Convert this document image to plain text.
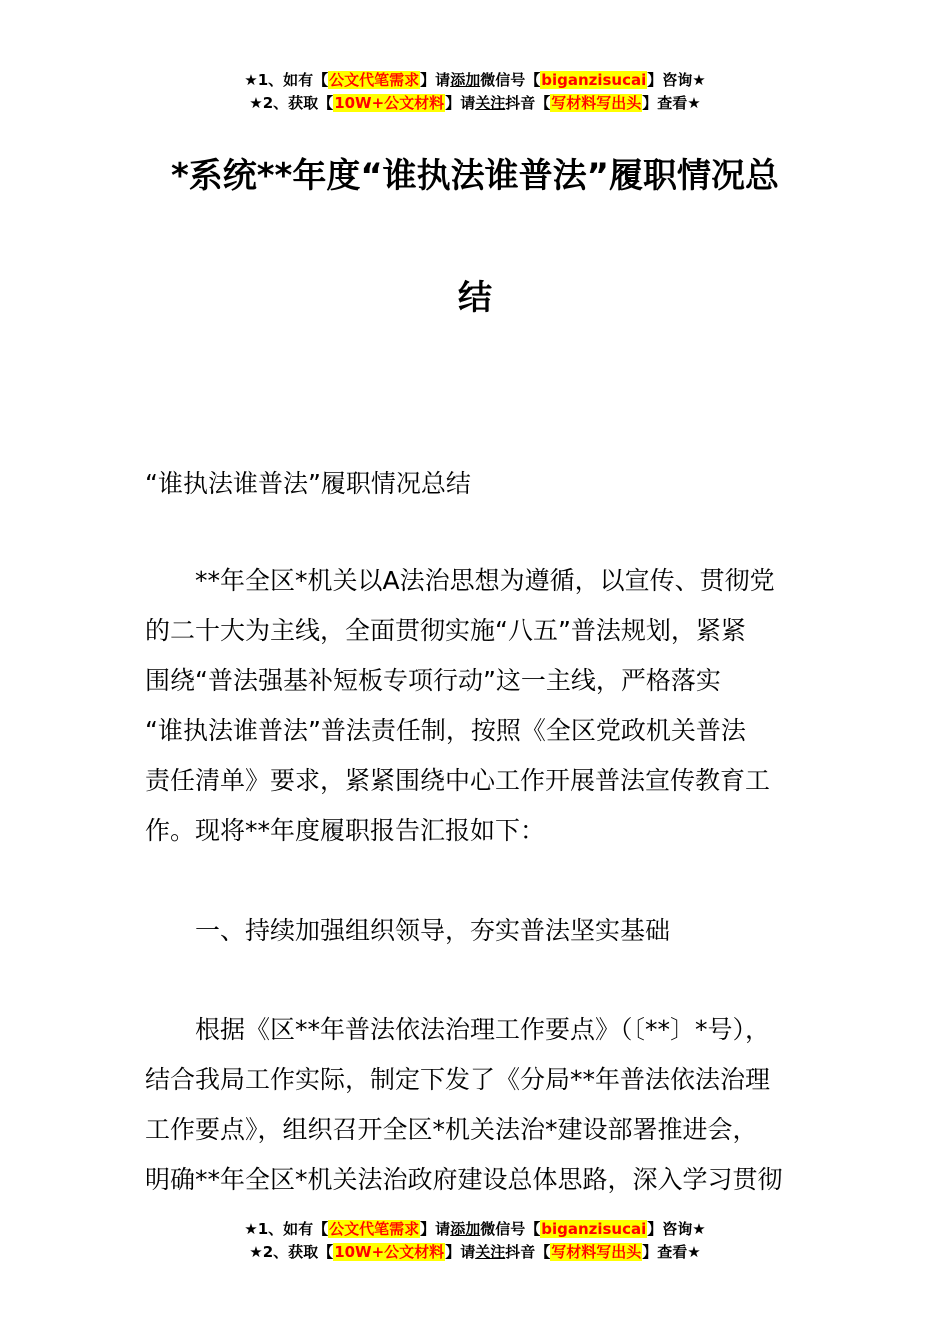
★1、如有【公文代笔需求】请添加微信号【biganzisucai】咨询★
★2、获取【10W+公文材料】请关注抖音【写材料写出头】查看★
*系统**年度“谁执法谁普法”履职情况总
结

“谁执法谁普法”履职情况总结

**年全区*机关以A法治思想为遵循，以宣传、贯彻党
的二十大为主线，全面贯彻实施“八五”普法规划，紧紧
围绕“普法强基补短板专项行动”这一主线，严格落实
“谁执法谁普法”普法责任制，按照《全区党政机关普法
责任清单》要求，紧紧围绕中心工作开展普法宣传教育工
作。现将**年度履职报告汇报如下：

一、持续加强组织领导，夯实普法坚实基础

根据《区**年普法依法治理工作要点》（〔**〕*号），
结合我局工作实际，制定下发了《分局**年普法依法治理
工作要点》，组织召开全区*机关法治*建设部署推进会，
明确**年全区*机关法治政府建设总体思路，深入学习贯彻

★1、如有【公文代笔需求】请添加微信号【biganzisucai】咨询★
★2、获取【10W+公文材料】请关注抖音【写材料写出头】查看★
